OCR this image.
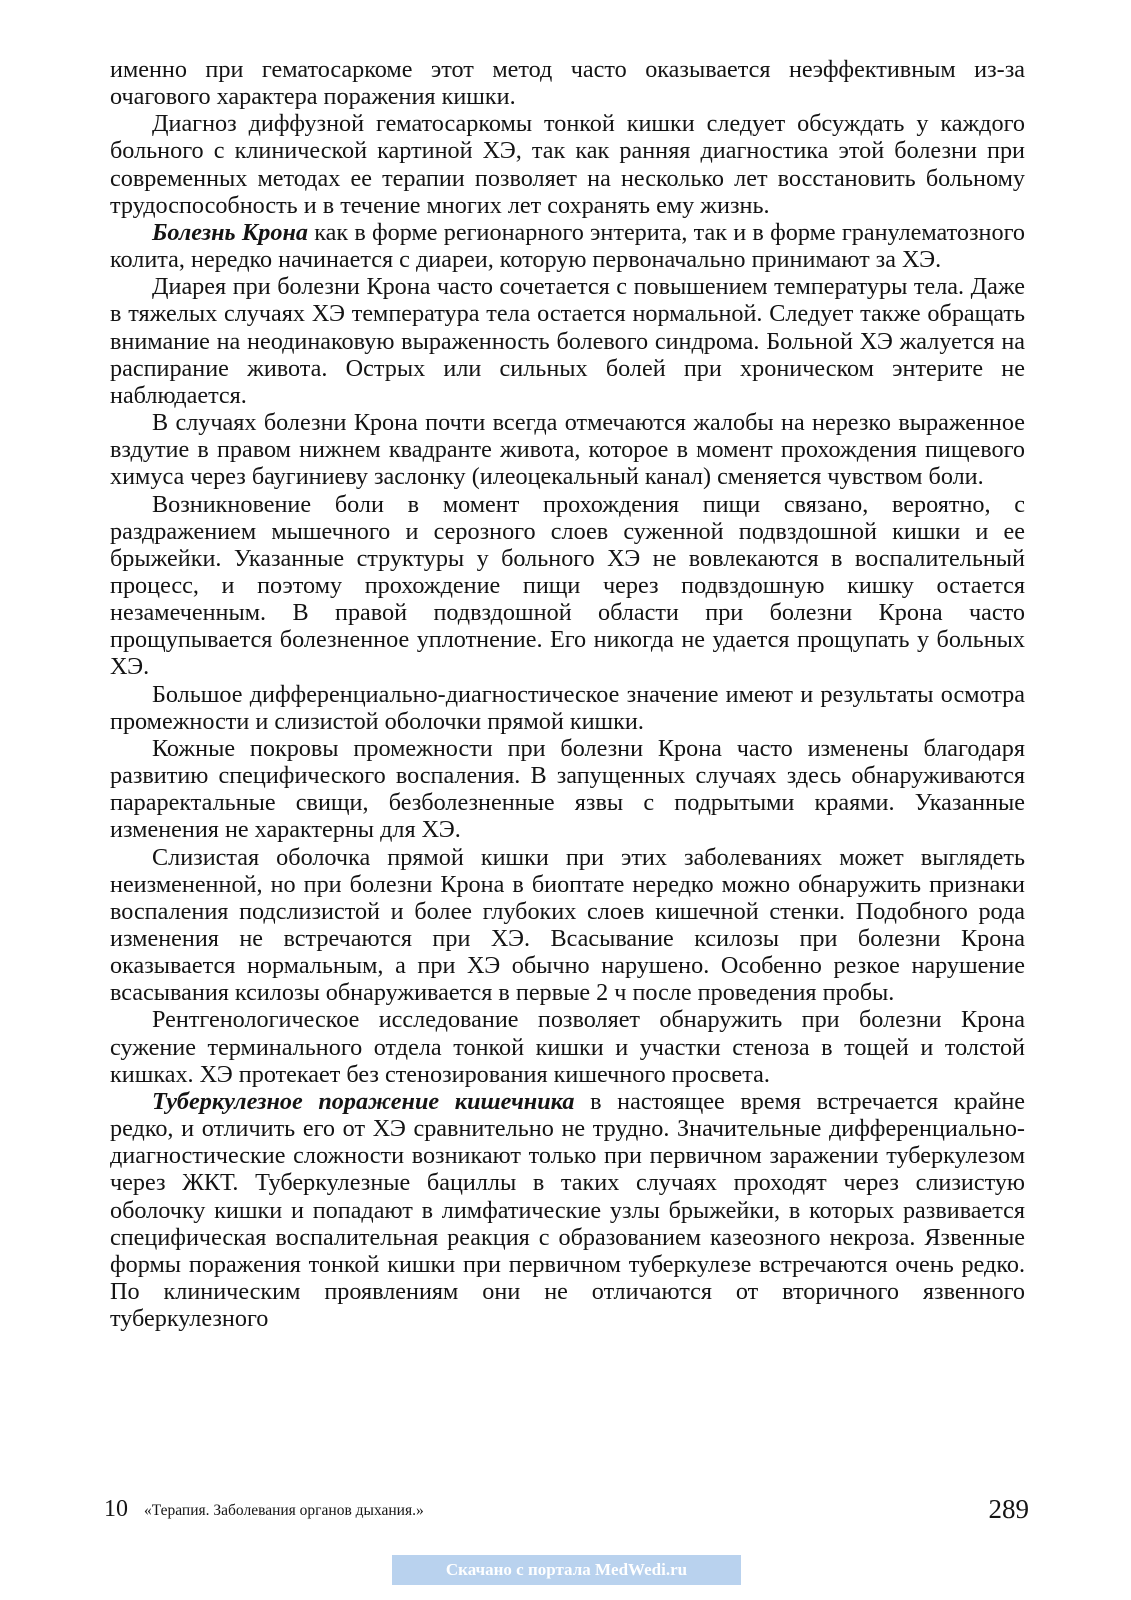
именно при гематосаркоме этот метод часто оказывается неэффективным из-за очагового характера поражения кишки.

Диагноз диффузной гематосаркомы тонкой кишки следует обсуждать у каждого больного с клинической картиной ХЭ, так как ранняя диагностика этой болезни при современных методах ее терапии позволяет на несколько лет восстановить больному трудоспособность и в течение многих лет сохранять ему жизнь.

Болезнь Крона как в форме регионарного энтерита, так и в форме гранулематозного колита, нередко начинается с диареи, которую первоначально принимают за ХЭ.

Диарея при болезни Крона часто сочетается с повышением температуры тела. Даже в тяжелых случаях ХЭ температура тела остается нормальной. Следует также обращать внимание на неодинаковую выраженность болевого синдрома. Больной ХЭ жалуется на распирание живота. Острых или сильных болей при хроническом энтерите не наблюдается.

В случаях болезни Крона почти всегда отмечаются жалобы на нерезко выраженное вздутие в правом нижнем квадранте живота, которое в момент прохождения пищевого химуса через баугиниеву заслонку (илеоцекальный канал) сменяется чувством боли.

Возникновение боли в момент прохождения пищи связано, вероятно, с раздражением мышечного и серозного слоев суженной подвздошной кишки и ее брыжейки. Указанные структуры у больного ХЭ не вовлекаются в воспалительный процесс, и поэтому прохождение пищи через подвздошную кишку остается незамеченным. В правой подвздошной области при болезни Крона часто прощупывается болезненное уплотнение. Его никогда не удается прощупать у больных ХЭ.

Большое дифференциально-диагностическое значение имеют и результаты осмотра промежности и слизистой оболочки прямой кишки.

Кожные покровы промежности при болезни Крона часто изменены благодаря развитию специфического воспаления. В запущенных случаях здесь обнаруживаются параректальные свищи, безболезненные язвы с подрытыми краями. Указанные изменения не характерны для ХЭ.

Слизистая оболочка прямой кишки при этих заболеваниях может выглядеть неизмененной, но при болезни Крона в биоптате нередко можно обнаружить признаки воспаления подслизистой и более глубоких слоев кишечной стенки. Подобного рода изменения не встречаются при ХЭ. Всасывание ксилозы при болезни Крона оказывается нормальным, а при ХЭ обычно нарушено. Особенно резкое нарушение всасывания ксилозы обнаруживается в первые 2 ч после проведения пробы.

Рентгенологическое исследование позволяет обнаружить при болезни Крона сужение терминального отдела тонкой кишки и участки стеноза в тощей и толстой кишках. ХЭ протекает без стенозирования кишечного просвета.

Туберкулезное поражение кишечника в настоящее время встречается крайне редко, и отличить его от ХЭ сравнительно не трудно. Значительные дифференциально-диагностические сложности возникают только при первичном заражении туберкулезом через ЖКТ. Туберкулезные бациллы в таких случаях проходят через слизистую оболочку кишки и попадают в лимфатические узлы брыжейки, в которых развивается специфическая воспалительная реакция с образованием казеозного некроза. Язвенные формы поражения тонкой кишки при первичном туберкулезе встречаются очень редко. По клиническим проявлениям они не отличаются от вторичного язвенного туберкулезного

10 «Терапия. Заболевания органов дыхания.»	289
Скачано с портала MedWedi.ru
